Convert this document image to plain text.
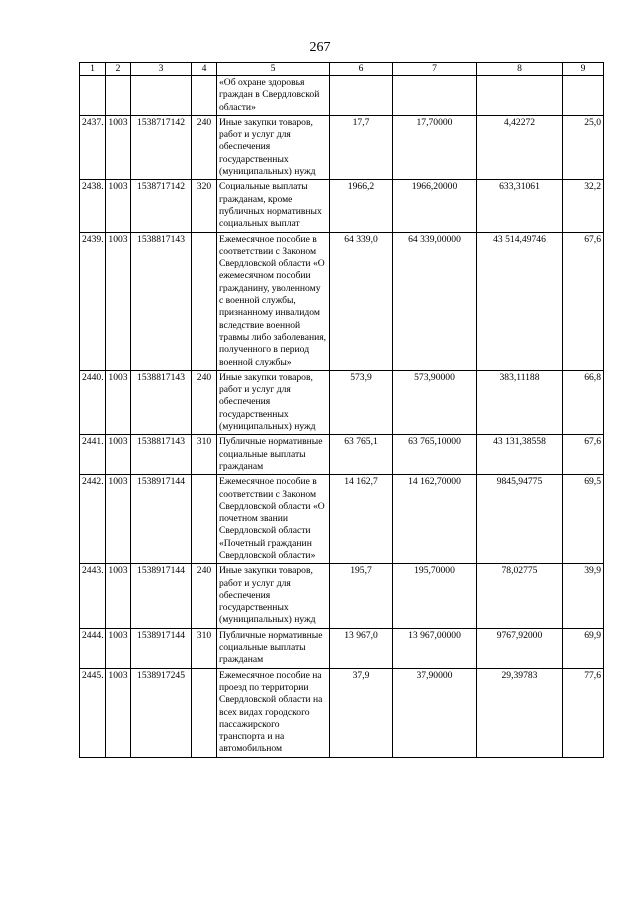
267
1	2	3	4	5	6	7	8	9
				«Об охране здоровья граждан в Свердловской области»				
2437.	1003	1538717142	240	Иные закупки товаров, работ и услуг для обеспечения государственных (муниципальных) нужд	17,7	17,70000	4,42272	25,0
2438.	1003	1538717142	320	Социальные выплаты гражданам, кроме публичных нормативных социальных выплат	1966,2	1966,20000	633,31061	32,2
2439.	1003	1538817143		Ежемесячное пособие в соответствии с Законом Свердловской области «О ежемесячном пособии гражданину, уволенному с военной службы, признанному инвалидом вследствие военной травмы либо заболевания, полученного в период военной службы»	64 339,0	64 339,00000	43 514,49746	67,6
2440.	1003	1538817143	240	Иные закупки товаров, работ и услуг для обеспечения государственных (муниципальных) нужд	573,9	573,90000	383,11188	66,8
2441.	1003	1538817143	310	Публичные нормативные социальные выплаты гражданам	63 765,1	63 765,10000	43 131,38558	67,6
2442.	1003	1538917144		Ежемесячное пособие в соответствии с Законом Свердловской области «О почетном звании Свердловской области «Почетный гражданин Свердловской области»	14 162,7	14 162,70000	9845,94775	69,5
2443.	1003	1538917144	240	Иные закупки товаров, работ и услуг для обеспечения государственных (муниципальных) нужд	195,7	195,70000	78,02775	39,9
2444.	1003	1538917144	310	Публичные нормативные социальные выплаты гражданам	13 967,0	13 967,00000	9767,92000	69,9
2445.	1003	1538917245		Ежемесячное пособие на проезд по территории Свердловской области на всех видах городского пассажирского транспорта и на автомобильном	37,9	37,90000	29,39783	77,6
